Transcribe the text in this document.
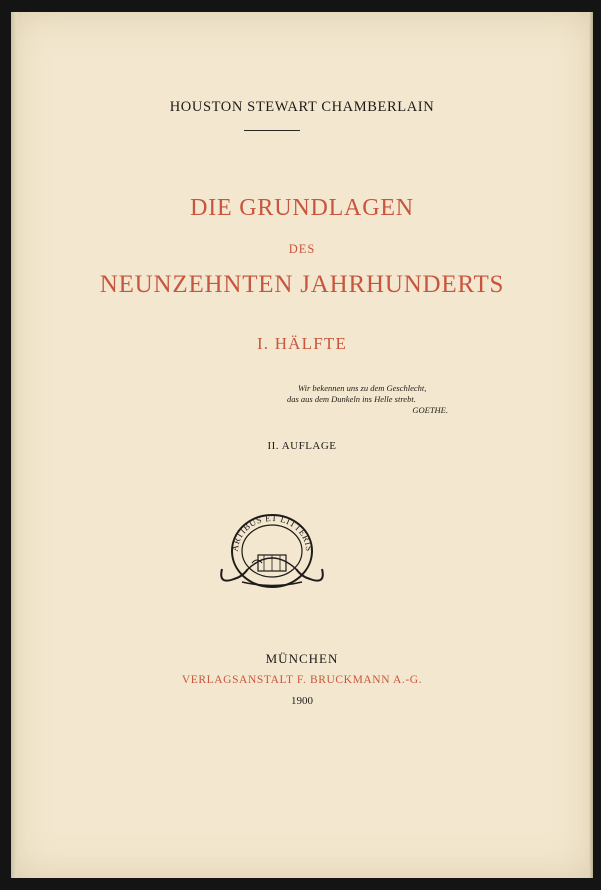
HOUSTON STEWART CHAMBERLAIN
DIE GRUNDLAGEN
DES
NEUNZEHNTEN JAHRHUNDERTS
I. HÄLFTE
Wir bekennen uns zu dem Geschlecht,
das aus dem Dunkeln ins Helle strebt.
GOETHE.
II. AUFLAGE
ARTIBUS ET LITTERIS
MÜNCHEN
VERLAGSANSTALT F. BRUCKMANN A.-G.
1900
